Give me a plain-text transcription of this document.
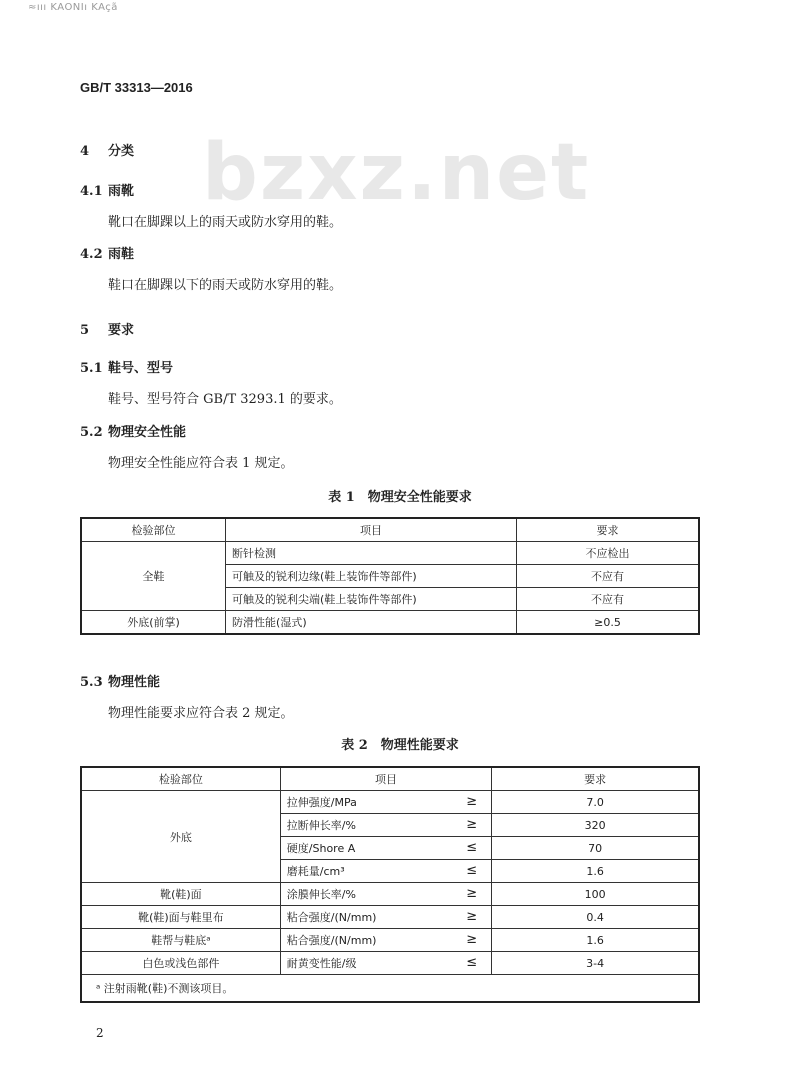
≈ııı KAONIı KAçã
GB/T 33313—2016
bzxz.net
4 分类
4.1 雨靴
靴口在脚踝以上的雨天或防水穿用的鞋。
4.2 雨鞋
鞋口在脚踝以下的雨天或防水穿用的鞋。
5 要求
5.1 鞋号、型号
鞋号、型号符合 GB/T 3293.1 的要求。
5.2 物理安全性能
物理安全性能应符合表 1 规定。
表 1　物理安全性能要求
检验部位	项目	要求
全鞋	断针检测	不应检出
	可触及的锐利边缘(鞋上装饰件等部件)	不应有
	可触及的锐利尖端(鞋上装饰件等部件)	不应有
外底(前掌)	防滑性能(湿式)	≥0.5
5.3 物理性能
物理性能要求应符合表 2 规定。
表 2　物理性能要求
检验部位	项目	要求
外底	拉伸强度/MPa ≥	7.0
	拉断伸长率/% ≥	320
	硬度/Shore A ≤	70
	磨耗量/cm³ ≤	1.6
靴(鞋)面	涂膜伸长率/% ≥	100
靴(鞋)面与鞋里布	粘合强度/(N/mm) ≥	0.4
鞋帮与鞋底ᵃ	粘合强度/(N/mm) ≥	1.6
白色或浅色部件	耐黄变性能/级 ≤	3-4
ᵃ 注射雨靴(鞋)不测该项目。		
2
